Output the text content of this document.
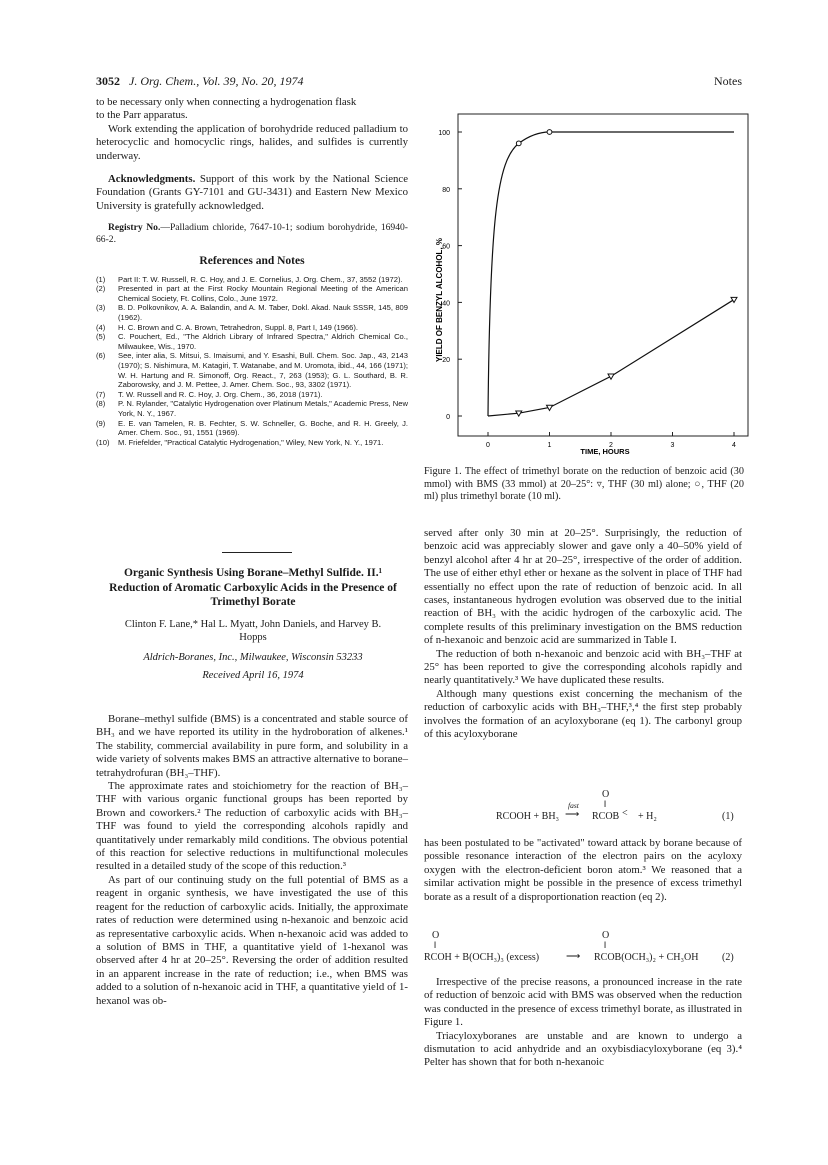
3052 J. Org. Chem., Vol. 39, No. 20, 1974	Notes

to be necessary only when connecting a hydrogenation flask

to the Parr apparatus.

Work extending the application of borohydride reduced palladium to heterocyclic and homocyclic rings, halides, and sulfides is currently underway.

Acknowledgments. Support of this work by the National Science Foundation (Grants GY-7101 and GU-3431) and Eastern New Mexico University is gratefully acknowledged.

Registry No.—Palladium chloride, 7647-10-1; sodium borohydride, 16940-66-2.

References and Notes
(1)	Part II: T. W. Russell, R. C. Hoy, and J. E. Cornelius, J. Org. Chem., 37, 3552 (1972).
(2)	Presented in part at the First Rocky Mountain Regional Meeting of the American Chemical Society, Ft. Collins, Colo., June 1972.
(3)	B. D. Polkovnikov, A. A. Balandin, and A. M. Taber, Dokl. Akad. Nauk SSSR, 145, 809 (1962).
(4)	H. C. Brown and C. A. Brown, Tetrahedron, Suppl. 8, Part I, 149 (1966).
(5)	C. Pouchert, Ed., "The Aldrich Library of Infrared Spectra," Aldrich Chemical Co., Milwaukee, Wis., 1970.
(6)	See, inter alia, S. Mitsui, S. Imaisumi, and Y. Esashi, Bull. Chem. Soc. Jap., 43, 2143 (1970); S. Nishimura, M. Katagiri, T. Watanabe, and M. Uromota, ibid., 44, 166 (1971); W. H. Hartung and R. Simonoff, Org. React., 7, 263 (1953); G. L. Southard, B. R. Zaborowsky, and J. M. Pettee, J. Amer. Chem. Soc., 93, 3302 (1971).
(7)	T. W. Russell and R. C. Hoy, J. Org. Chem., 36, 2018 (1971).
(8)	P. N. Rylander, "Catalytic Hydrogenation over Platinum Metals," Academic Press, New York, N. Y., 1967.
(9)	E. E. van Tamelen, R. B. Fechter, S. W. Schneller, G. Boche, and R. H. Greely, J. Amer. Chem. Soc., 91, 1551 (1969).
(10)	M. Friefelder, "Practical Catalytic Hydrogenation," Wiley, New York, N. Y., 1971.
Organic Synthesis Using Borane–Methyl Sulfide. II.¹ Reduction of Aromatic Carboxylic Acids in the Presence of Trimethyl Borate
Clinton F. Lane,* Hal L. Myatt, John Daniels, and Harvey B. Hopps
Aldrich-Boranes, Inc., Milwaukee, Wisconsin 53233
Received April 16, 1974

Borane–methyl sulfide (BMS) is a concentrated and stable source of BH₃ and we have reported its utility in the hydroboration of alkenes.¹ The stability, commercial availability in pure form, and solubility in a wide variety of solvents makes BMS an attractive alternative to borane–tetrahydrofuran (BH₃–THF).

The approximate rates and stoichiometry for the reaction of BH₃–THF with various organic functional groups has been reported by Brown and coworkers.² The reduction of carboxylic acids with BH₃–THF was found to yield the corresponding alcohols rapidly and quantitatively under remarkably mild conditions. The obvious potential of this reaction for selective reductions in multifunctional molecules resulted in a detailed study of the scope of this reduction.³

As part of our continuing study on the full potential of BMS as a reagent in organic synthesis, we have investigated the use of this reagent for the reduction of carboxylic acids. Initially, the approximate rates of reduction were determined using n-hexanoic and benzoic acid as representative carboxylic acids. When n-hexanoic acid was added to a solution of BMS in THF, a quantitative yield of 1-hexanol was observed after 4 hr at 20–25°. Reversing the order of addition resulted in an apparent increase in the rate of reduction; i.e., when BMS was added to a solution of n-hexanoic acid in THF, a quantitative yield of 1-hexanol was ob-

0
20
40
60
80
100
0	1	2	3	4
YIELD OF BENZYL ALCOHOL, %
TIME, HOURS
Figure 1. The effect of trimethyl borate on the reduction of benzoic acid (30 mmol) with BMS (33 mmol) at 20–25°: ▿, THF (30 ml) alone; ○, THF (20 ml) plus trimethyl borate (10 ml).

served after only 30 min at 20–25°. Surprisingly, the reduction of benzoic acid was appreciably slower and gave only a 40–50% yield of benzyl alcohol after 4 hr at 20–25°, irrespective of the order of addition. The use of either ethyl ether or hexane as the solvent in place of THF had essentially no effect upon the rate of reduction of benzoic acid. In all cases, instantaneous hydrogen evolution was observed due to the initial reaction of BH₃ with the acidic hydrogen of the carboxylic acid. The complete results of this preliminary investigation on the BMS reduction of n-hexanoic and benzoic acid are summarized in Table I.

The reduction of both n-hexanoic and benzoic acid with BH₃–THF at 25° has been reported to give the corresponding alcohols rapidly and nearly quantitatively.³ We have duplicated these results.

Although many questions exist concerning the mechanism of the reduction of carboxylic acids with BH₃–THF,³,⁴ the first step probably involves the formation of an acyloxyborane (eq 1). The carbonyl group of this acyloxyborane

O
‖
RCOOH + BH₃
fast
⟶ RCOB < + H₂	(1)

has been postulated to be "activated" toward attack by borane because of possible resonance interaction of the electron pairs on the acyloxy oxygen with the electron-deficient boron atom.³ We reasoned that a similar activation might be possible in the presence of excess trimethyl borate as a result of a disproportionation reaction (eq 2).

O
‖
O
‖
RCOH + B(OCH₃)₃ (excess)	⟶ RCOB(OCH₃)₂ + CH₃OH (2)

Irrespective of the precise reasons, a pronounced increase in the rate of reduction of benzoic acid with BMS was observed when the reduction was conducted in the presence of excess trimethyl borate, as illustrated in Figure 1.

Triacyloxyboranes are unstable and are known to undergo a dismutation to acid anhydride and an oxybisdiacyloxyborane (eq 3).⁴ Pelter has shown that for both n-hexanoic
